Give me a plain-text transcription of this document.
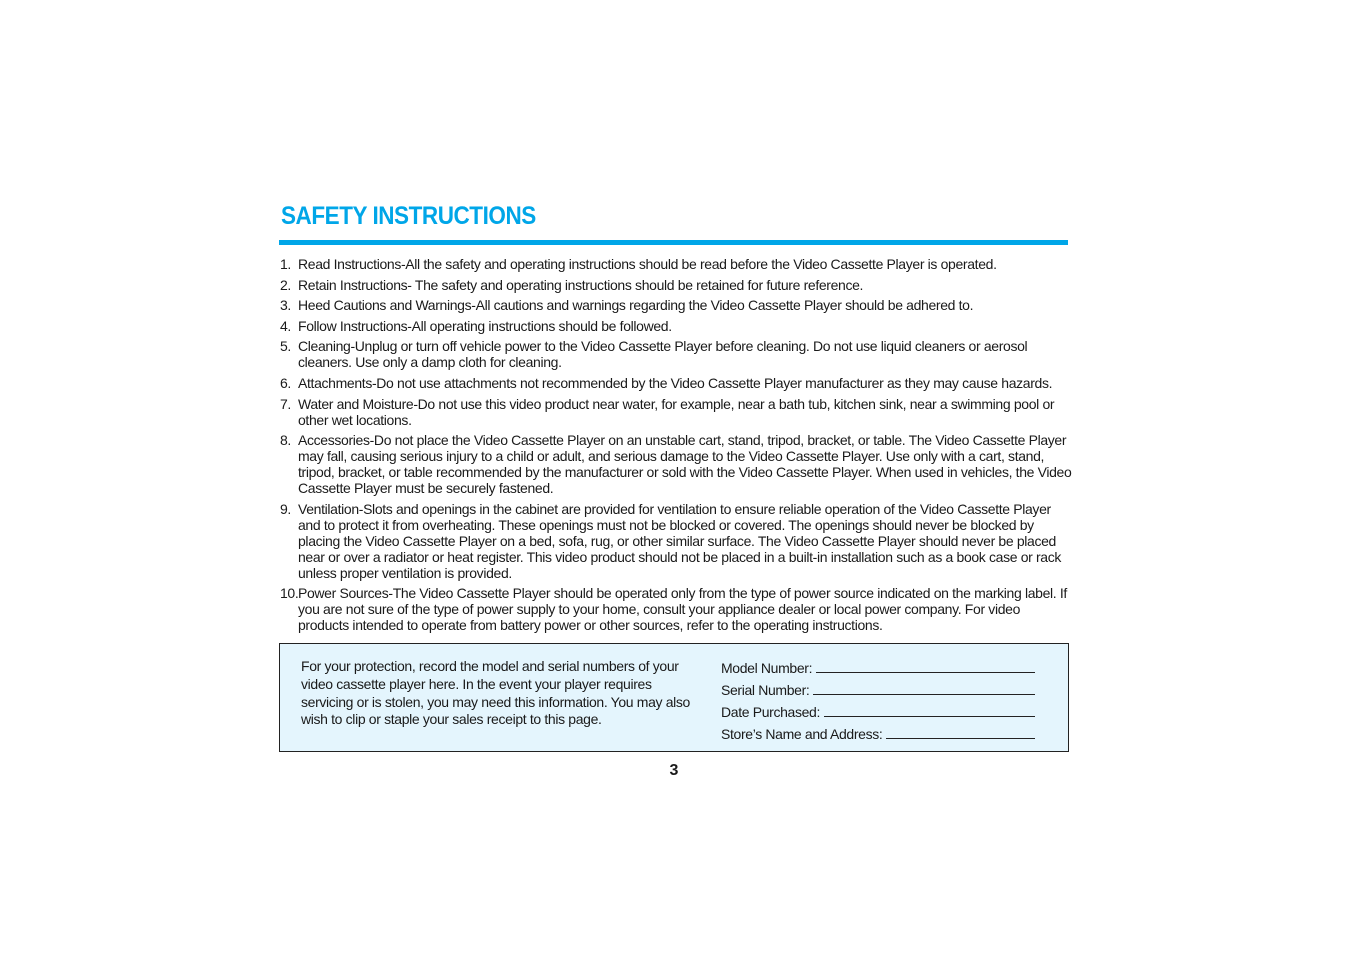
SAFETY INSTRUCTIONS
1. Read Instructions-All the safety and operating instructions should be read before the Video Cassette Player is operated.
2. Retain Instructions- The safety and operating instructions should be retained for future reference.
3. Heed Cautions and Warnings-All cautions and warnings regarding the Video Cassette Player should be adhered to.
4. Follow Instructions-All operating instructions should be followed.
5. Cleaning-Unplug or turn off vehicle power to the Video Cassette Player before cleaning. Do not use liquid cleaners or aerosol cleaners. Use only a damp cloth for cleaning.
6. Attachments-Do not use attachments not recommended by the Video Cassette Player manufacturer as they may cause hazards.
7. Water and Moisture-Do not use this video product near water, for example, near a bath tub, kitchen sink, near a swimming pool or other wet locations.
8. Accessories-Do not place the Video Cassette Player on an unstable cart, stand, tripod, bracket, or table. The Video Cassette Player may fall, causing serious injury to a child or adult, and serious damage to the Video Cassette Player. Use only with a cart, stand, tripod, bracket, or table recommended by the manufacturer or sold with the Video Cassette Player. When used in vehicles, the Video Cassette Player must be securely fastened.
9. Ventilation-Slots and openings in the cabinet are provided for ventilation to ensure reliable operation of the Video Cassette Player and to protect it from overheating. These openings must not be blocked or covered. The openings should never be blocked by placing the Video Cassette Player on a bed, sofa, rug, or other similar surface. The Video Cassette Player should never be placed near or over a radiator or heat register. This video product should not be placed in a built-in installation such as a book case or rack unless proper ventilation is provided.
10. Power Sources-The Video Cassette Player should be operated only from the type of power source indicated on the marking label. If you are not sure of the type of power supply to your home, consult your appliance dealer or local power company. For video products intended to operate from battery power or other sources, refer to the operating instructions.

For your protection, record the model and serial numbers of your video cassette player here. In the event your player requires servicing or is stolen, you may need this information. You may also wish to clip or staple your sales receipt to this page.

Model Number:
Serial Number:
Date Purchased:
Store’s Name and Address:
3
